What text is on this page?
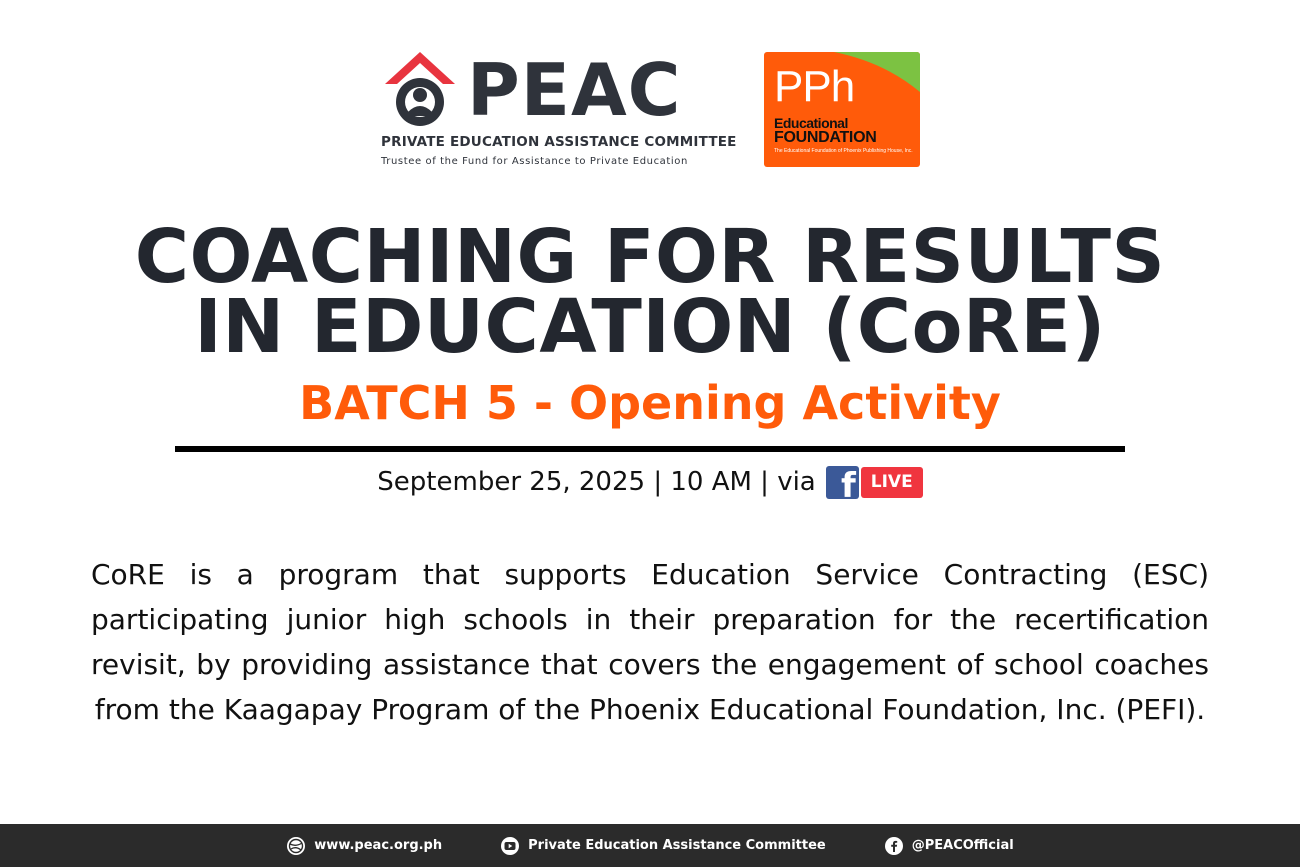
PEAC
PRIVATE EDUCATION ASSISTANCE COMMITTEE
Trustee of the Fund for Assistance to Private Education
PPh
Educational
FOUNDATION
The Educational Foundation of Phoenix Publishing House, Inc.
COACHING FOR RESULTS
IN EDUCATION (CoRE)
BATCH 5 - Opening Activity
September 25, 2025 | 10 AM | via f LIVE
CoRE is a program that supports Education Service Contracting (ESC) participating junior high schools in their preparation for the recertification revisit, by providing assistance that covers the engagement of school coaches from the Kaagapay Program of the Phoenix Educational Foundation, Inc. (PEFI).
www.peac.org.ph	Private Education Assistance Committee	@PEACOfficial
